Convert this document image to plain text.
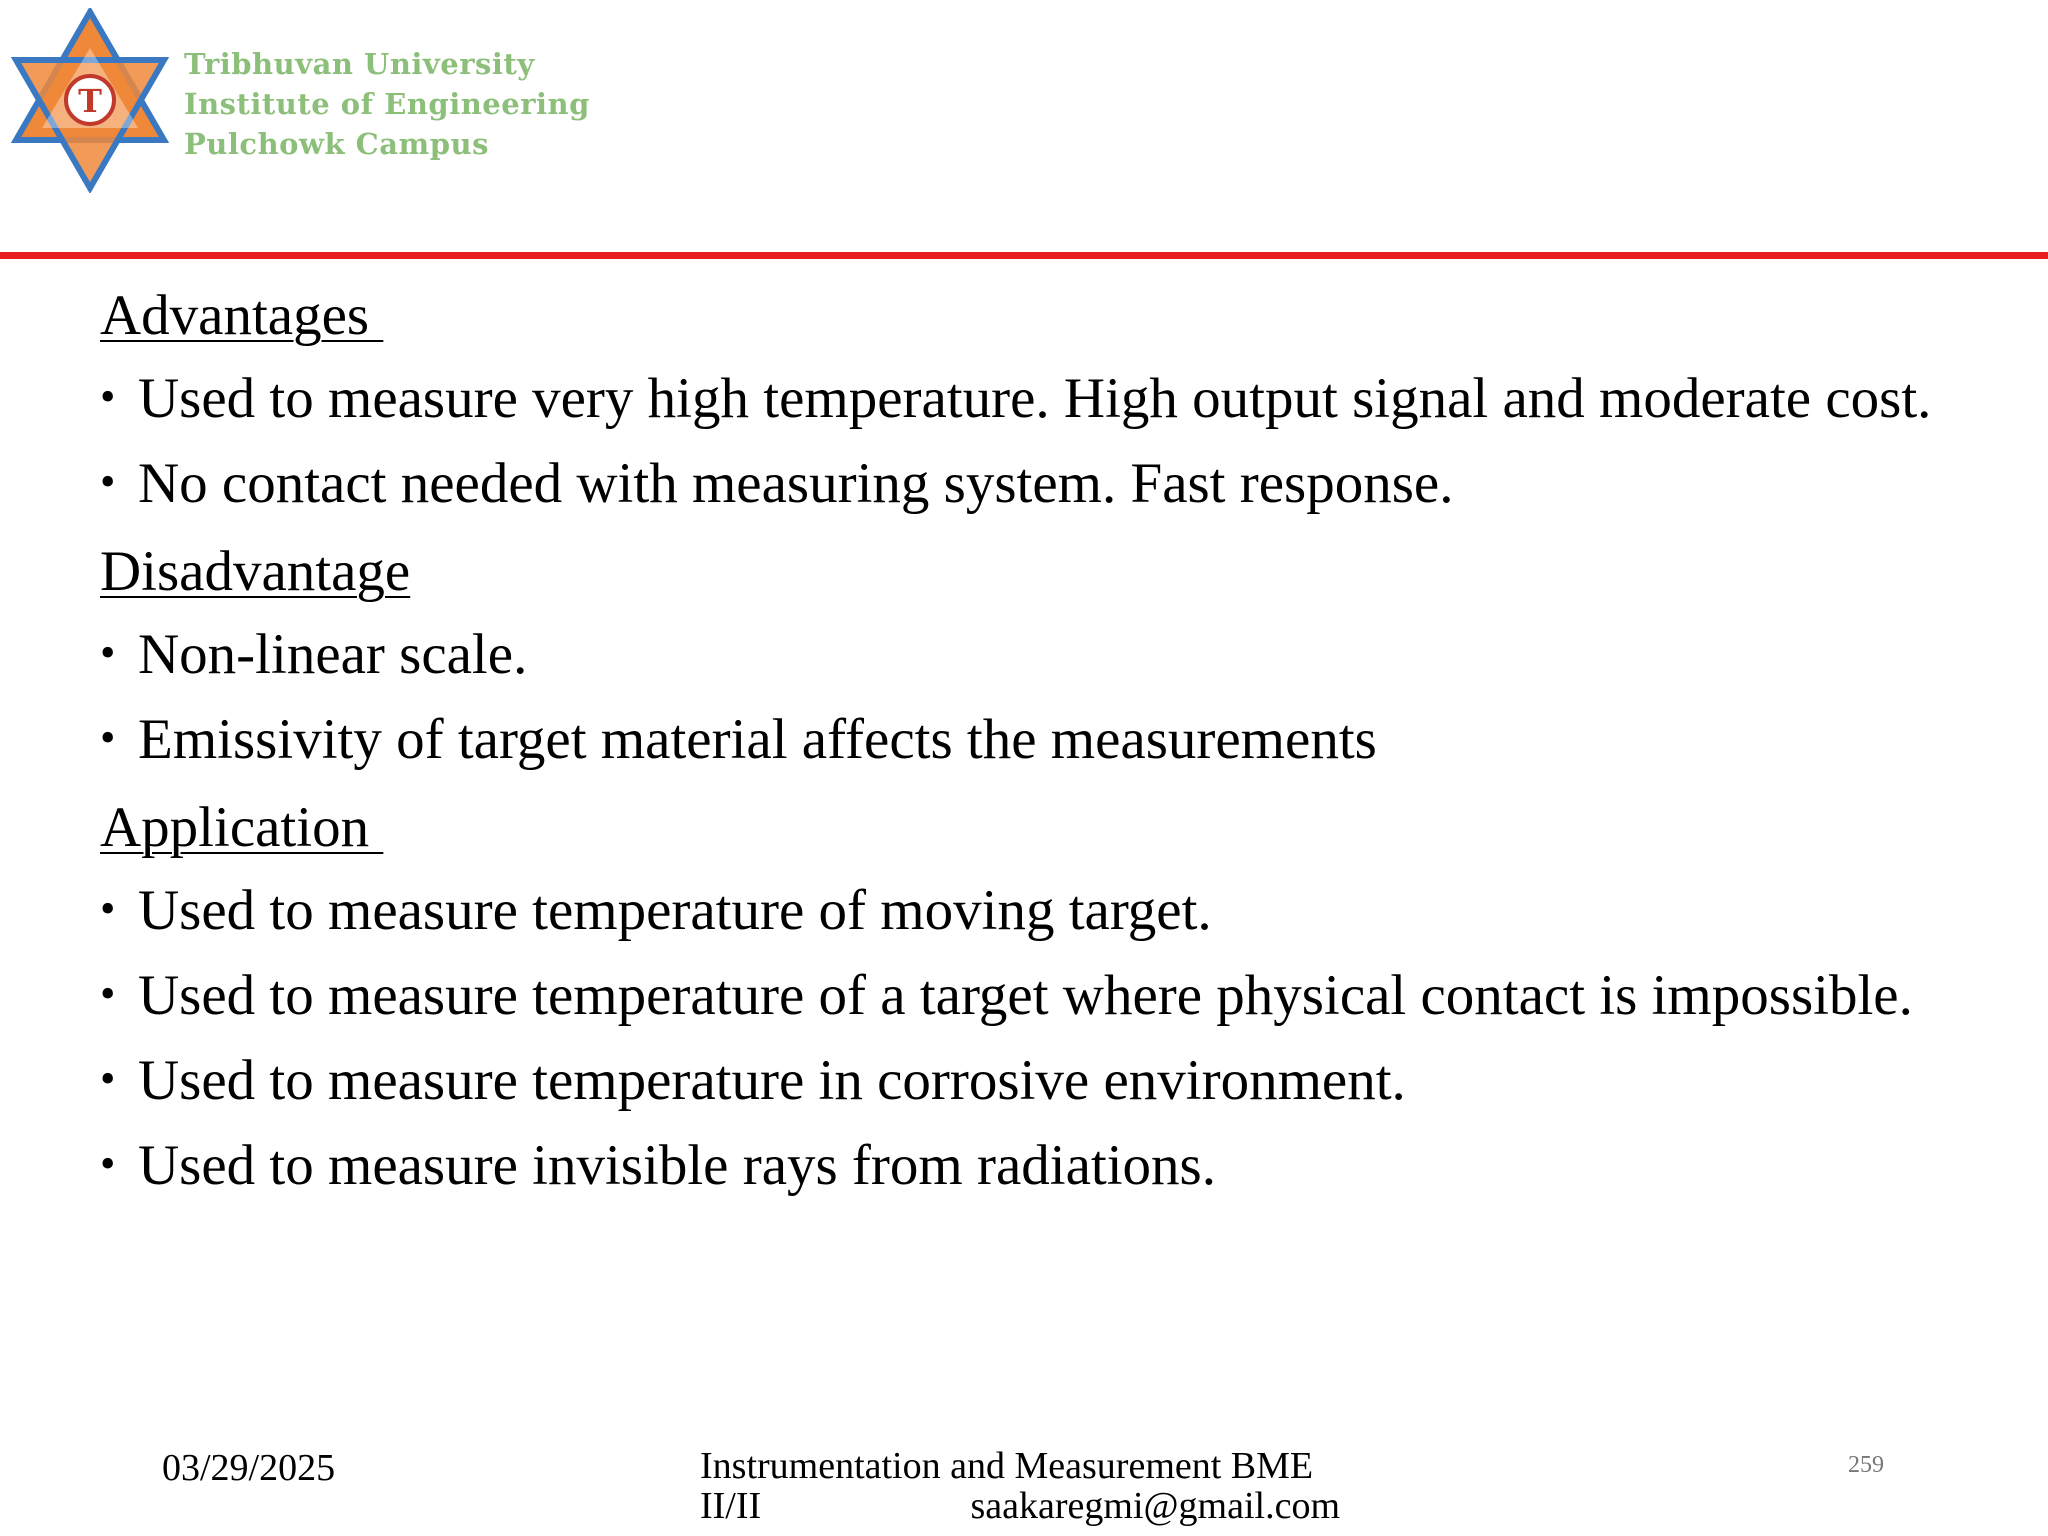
T
Tribhuvan University
Institute of Engineering
Pulchowk Campus
Advantages
• Used to measure very high temperature. High output signal and moderate cost.
• No contact needed with measuring system. Fast response.
Disadvantage
• Non-linear scale.
• Emissivity of target material affects the measurements
Application
• Used to measure temperature of moving target.
• Used to measure temperature of a target where physical contact is impossible.
• Used to measure temperature in corrosive environment.
• Used to measure invisible rays from radiations.
03/29/2025	Instrumentation and Measurement BME
II/II	saakaregmi@gmail.com
259
